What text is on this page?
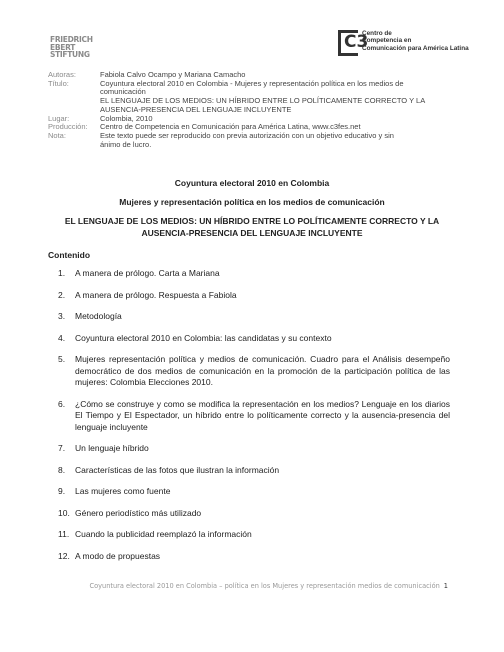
FRIEDRICH
EBERT
STIFTUNG
C3
Centro de
Competencia en
Comunicación para América Latina
Autoras:	Fabiola Calvo Ocampo y Mariana Camacho
Título:	Coyuntura electoral 2010 en Colombia - Mujeres y representación política en los medios de
comunicación
EL LENGUAJE DE LOS MEDIOS: UN HÍBRIDO ENTRE LO POLÍTICAMENTE CORRECTO Y LA
AUSENCIA-PRESENCIA DEL LENGUAJE INCLUYENTE
Lugar:	Colombia, 2010
Producción:	Centro de Competencia en Comunicación para América Latina, www.c3fes.net
Nota:	Este texto puede ser reproducido con previa autorización con un objetivo educativo y sin
ánimo de lucro.
Coyuntura electoral 2010 en Colombia
Mujeres y representación política en los medios de comunicación
EL LENGUAJE DE LOS MEDIOS: UN HÍBRIDO ENTRE LO POLÍTICAMENTE CORRECTO Y LA AUSENCIA-PRESENCIA DEL LENGUAJE INCLUYENTE
Contenido
1.	A manera de prólogo. Carta a Mariana
2.	A manera de prólogo. Respuesta a Fabiola
3.	Metodología
4.	Coyuntura electoral 2010 en Colombia: las candidatas y su contexto
5.	Mujeres representación política y medios de comunicación. Cuadro para el Análisis desempeño democrático de dos medios de comunicación en la promoción de la participación política de las mujeres: Colombia Elecciones 2010.
6.	¿Cómo se construye y como se modifica la representación en los medios? Lenguaje en los diarios El Tiempo y El Espectador, un híbrido entre lo políticamente correcto y la ausencia-presencia del lenguaje incluyente
7.	Un lenguaje híbrido
8.	Características de las fotos que ilustran la información
9.	Las mujeres como fuente
10. Género periodístico más utilizado
11. Cuando la publicidad reemplazó la información
12. A modo de propuestas
Coyuntura electoral 2010 en Colombia – política en los Mujeres y representación medios de comunicación 1
